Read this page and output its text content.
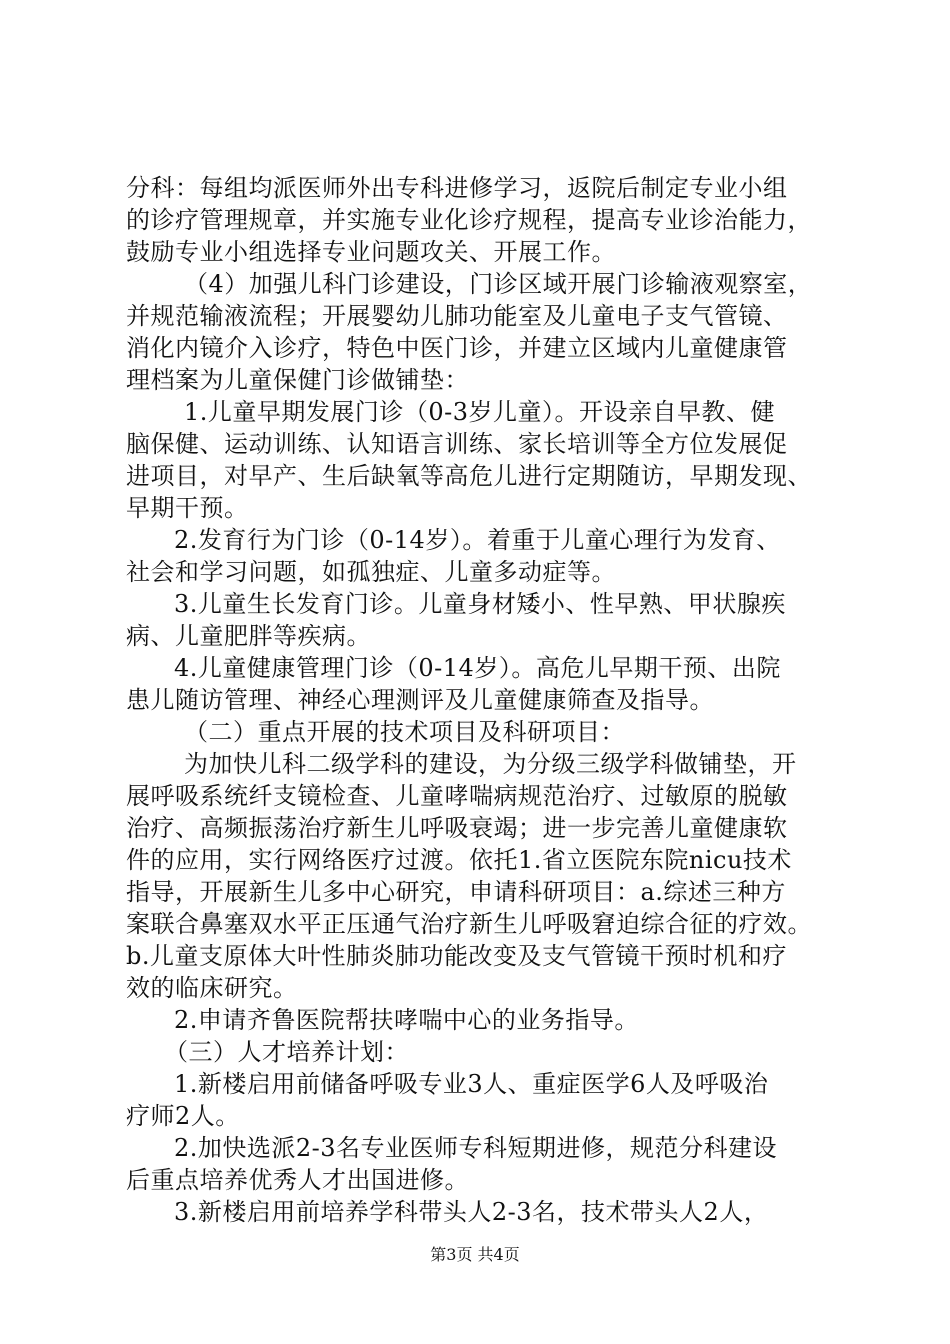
分科：每组均派医师外出专科进修学习，返院后制定专业小组
的诊疗管理规章，并实施专业化诊疗规程，提高专业诊治能力，
鼓励专业小组选择专业问题攻关、开展工作。
（4）加强儿科门诊建设，门诊区域开展门诊输液观察室，
并规范输液流程；开展婴幼儿肺功能室及儿童电子支气管镜、
消化内镜介入诊疗，特色中医门诊，并建立区域内儿童健康管
理档案为儿童保健门诊做铺垫：
1.儿童早期发展门诊（0-3岁儿童）。开设亲自早教、健
脑保健、运动训练、认知语言训练、家长培训等全方位发展促
进项目，对早产、生后缺氧等高危儿进行定期随访，早期发现、
早期干预。
2.发育行为门诊（0-14岁）。着重于儿童心理行为发育、
社会和学习问题，如孤独症、儿童多动症等。
3.儿童生长发育门诊。儿童身材矮小、性早熟、甲状腺疾
病、儿童肥胖等疾病。
4.儿童健康管理门诊（0-14岁）。高危儿早期干预、出院
患儿随访管理、神经心理测评及儿童健康筛查及指导。
（二）重点开展的技术项目及科研项目：
为加快儿科二级学科的建设，为分级三级学科做铺垫，开
展呼吸系统纤支镜检查、儿童哮喘病规范治疗、过敏原的脱敏
治疗、高频振荡治疗新生儿呼吸衰竭；进一步完善儿童健康软
件的应用，实行网络医疗过渡。依托1.省立医院东院nicu技术
指导，开展新生儿多中心研究，申请科研项目：a.综述三种方
案联合鼻塞双水平正压通气治疗新生儿呼吸窘迫综合征的疗效。
b.儿童支原体大叶性肺炎肺功能改变及支气管镜干预时机和疗
效的临床研究。
2.申请齐鲁医院帮扶哮喘中心的业务指导。
（三）人才培养计划：
1.新楼启用前储备呼吸专业3人、重症医学6人及呼吸治
疗师2人。
2.加快选派2-3名专业医师专科短期进修，规范分科建设
后重点培养优秀人才出国进修。
3.新楼启用前培养学科带头人2-3名，技术带头人2人，
第3页 共4页
